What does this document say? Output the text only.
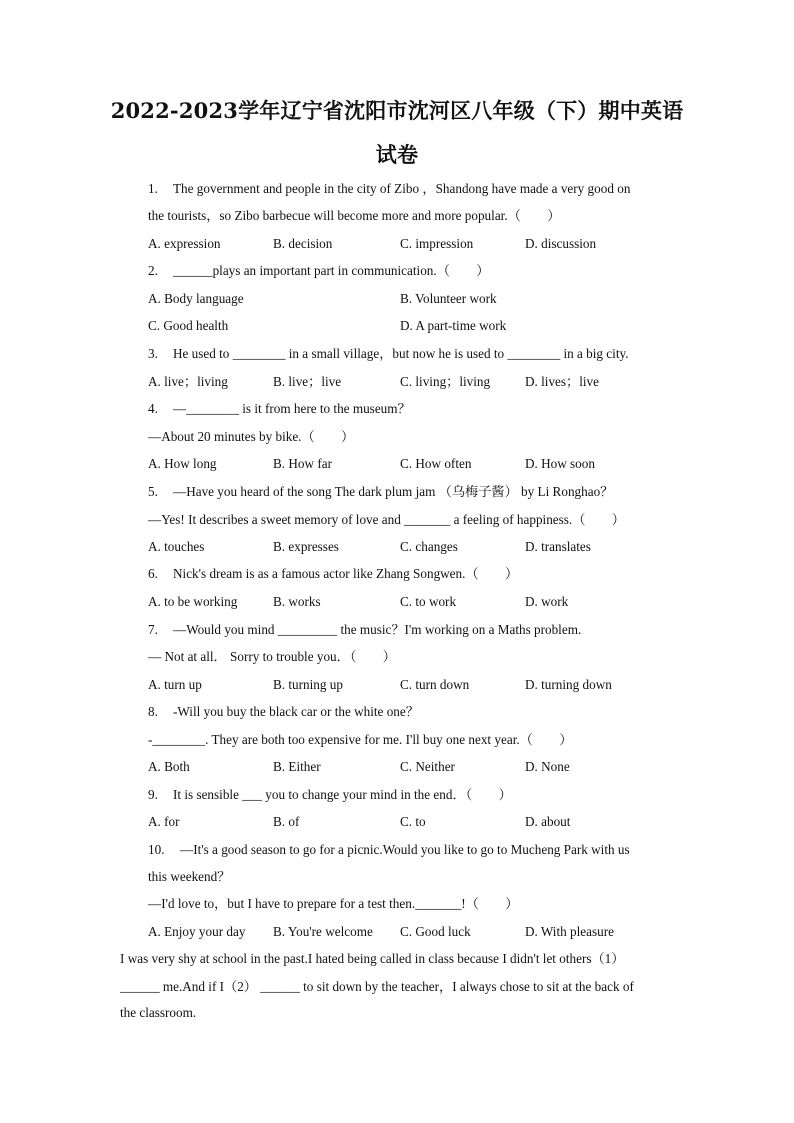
2022-2023学年辽宁省沈阳市沈河区八年级（下）期中英语
试卷
1. The government and people in the city of Zibo ，Shandong have made a very good on
the tourists，so Zibo barbecue will become more and more popular.（　　）
A. expression	B. decision	C. impression	D. discussion
2. ______plays an important part in communication.（　　）
A. Body language	B. Volunteer work
C. Good health	D. A part-time work
3. He used to ________ in a small village，but now he is used to ________ in a big city.
A. live；living	B. live；live	C. living；living	D. lives；live
4. —________ is it from here to the museum？
—About 20 minutes by bike.（　　）
A. How long	B. How far	C. How often	D. How soon
5. —Have you heard of the song The dark plum jam （乌梅子酱） by Li Ronghao？
—Yes! It describes a sweet memory of love and _______ a feeling of happiness.（　　）
A. touches	B. expresses	C. changes	D. translates
6. Nick's dream is as a famous actor like Zhang Songwen.（　　）
A. to be working	B. works	C. to work	D. work
7. —Would you mind _________ the music？I'm working on a Maths problem.
— Not at all． Sorry to trouble you．（　　）
A. turn up	B. turning up	C. turn down	D. turning down
8. -Will you buy the black car or the white one？
-________. They are both too expensive for me. I'll buy one next year.（　　）
A. Both	B. Either	C. Neither	D. None
9. It is sensible ___ you to change your mind in the end．（　　）
A. for	B. of	C. to	D. about
10. —It's a good season to go for a picnic.Would you like to go to Mucheng Park with us
this weekend？
—I'd love to，but I have to prepare for a test then._______!（　　）
A. Enjoy your day B. You're welcome C. Good luck	D. With pleasure
I was very shy at school in the past.I hated being called in class because I didn't let others（1）
______ me.And if I（2） ______ to sit down by the teacher，I always chose to sit at the back of
the classroom.
